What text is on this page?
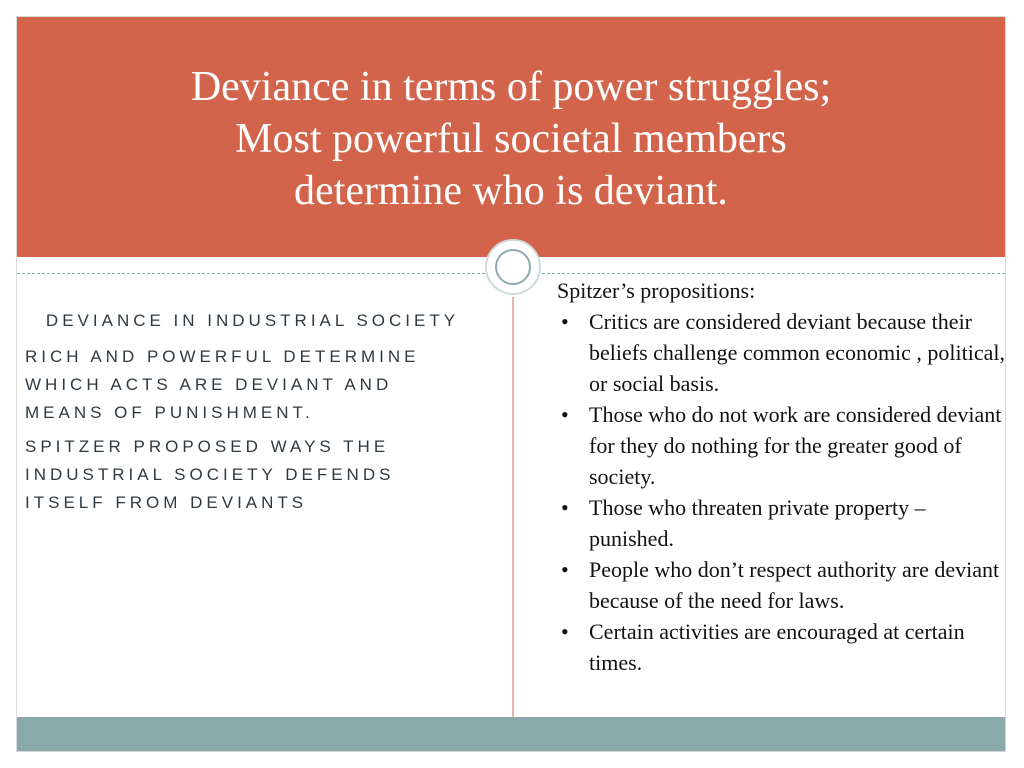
Deviance in terms of power struggles;
Most powerful societal members
determine who is deviant.

DEVIANCE IN INDUSTRIAL SOCIETY

RICH AND POWERFUL DETERMINE WHICH ACTS ARE DEVIANT AND MEANS OF PUNISHMENT.

SPITZER PROPOSED WAYS THE INDUSTRIAL SOCIETY DEFENDS ITSELF FROM DEVIANTS

Spitzer’s propositions:

• Critics are considered deviant because their beliefs challenge common economic , political, or social basis.
• Those who do not work are considered deviant for they do nothing for the greater good of society.
• Those who threaten private property – punished.
• People who don’t respect authority are deviant because of the need for laws.
• Certain activities are encouraged at certain times.
